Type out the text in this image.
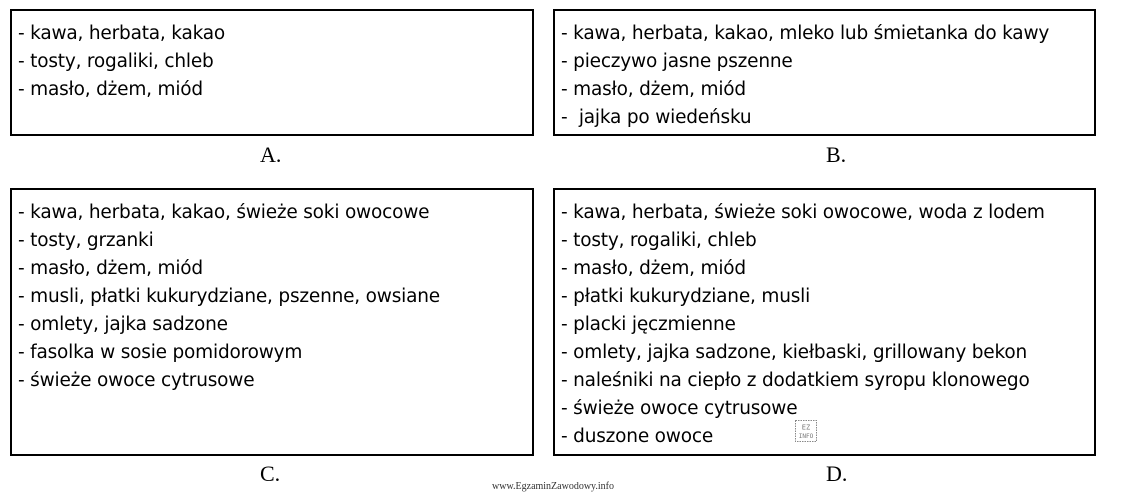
- kawa, herbata, kakao
- tosty, rogaliki, chleb
- masło, dżem, miód
A.
- kawa, herbata, kakao, mleko lub śmietanka do kawy
- pieczywo jasne pszenne
- masło, dżem, miód
-  jajka po wiedeńsku
B.
- kawa, herbata, kakao, świeże soki owocowe
- tosty, grzanki
- masło, dżem, miód
- musli, płatki kukurydziane, pszenne, owsiane
- omlety, jajka sadzone
- fasolka w sosie pomidorowym
- świeże owoce cytrusowe
C.
- kawa, herbata, świeże soki owocowe, woda z lodem
- tosty, rogaliki, chleb
- masło, dżem, miód
- płatki kukurydziane, musli
- placki jęczmienne
- omlety, jajka sadzone, kiełbaski, grillowany bekon
- naleśniki na ciepło z dodatkiem syropu klonowego
- świeże owoce cytrusowe
- duszone owoce
D.
EZ
INFO
www.EgzaminZawodowy.info
